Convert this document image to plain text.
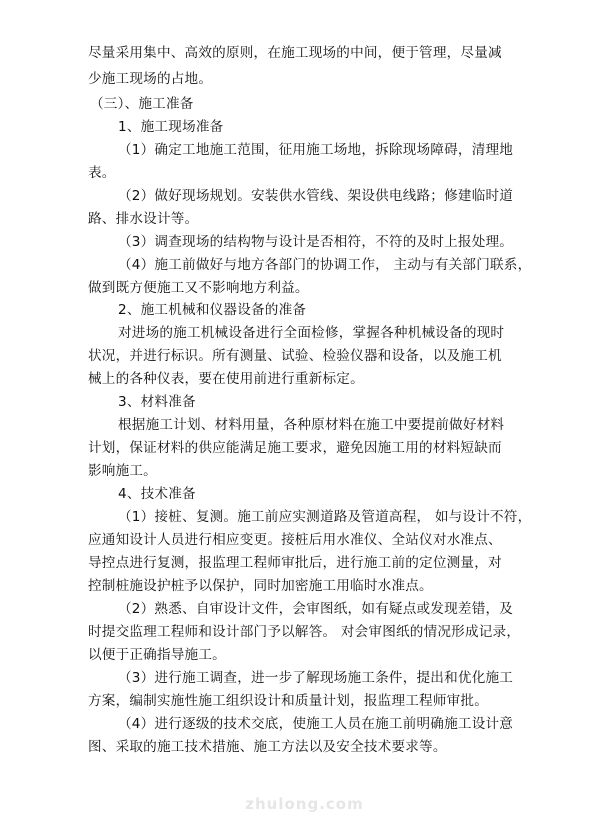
尽量采用集中、高效的原则，在施工现场的中间，便于管理，尽量减
少施工现场的占地。
（三）、施工准备
1、施工现场准备
（1）确定工地施工范围，征用施工场地，拆除现场障碍，清理地
表。
（2）做好现场规划。安装供水管线、架设供电线路；修建临时道
路、排水设计等。
（3）调查现场的结构物与设计是否相符，不符的及时上报处理。
（4）施工前做好与地方各部门的协调工作， 主动与有关部门联系，
做到既方便施工又不影响地方利益。
2、施工机械和仪器设备的准备
对进场的施工机械设备进行全面检修，掌握各种机械设备的现时
状况，并进行标识。所有测量、试验、检验仪器和设备，以及施工机
械上的各种仪表，要在使用前进行重新标定。
3、材料准备
根据施工计划、材料用量，各种原材料在施工中要提前做好材料
计划，保证材料的供应能满足施工要求，避免因施工用的材料短缺而
影响施工。
4、技术准备
（1）接桩、复测。施工前应实测道路及管道高程， 如与设计不符，
应通知设计人员进行相应变更。接桩后用水准仪、全站仪对水准点、
导控点进行复测，报监理工程师审批后，进行施工前的定位测量，对
控制桩施设护桩予以保护，同时加密施工用临时水准点。
（2）熟悉、自审设计文件，会审图纸，如有疑点或发现差错，及
时提交监理工程师和设计部门予以解答。 对会审图纸的情况形成记录，
以便于正确指导施工。
（3）进行施工调查，进一步了解现场施工条件，提出和优化施工
方案，编制实施性施工组织设计和质量计划，报监理工程师审批。
（4）进行逐级的技术交底，使施工人员在施工前明确施工设计意
图、采取的施工技术措施、施工方法以及安全技术要求等。
zhulong.com
